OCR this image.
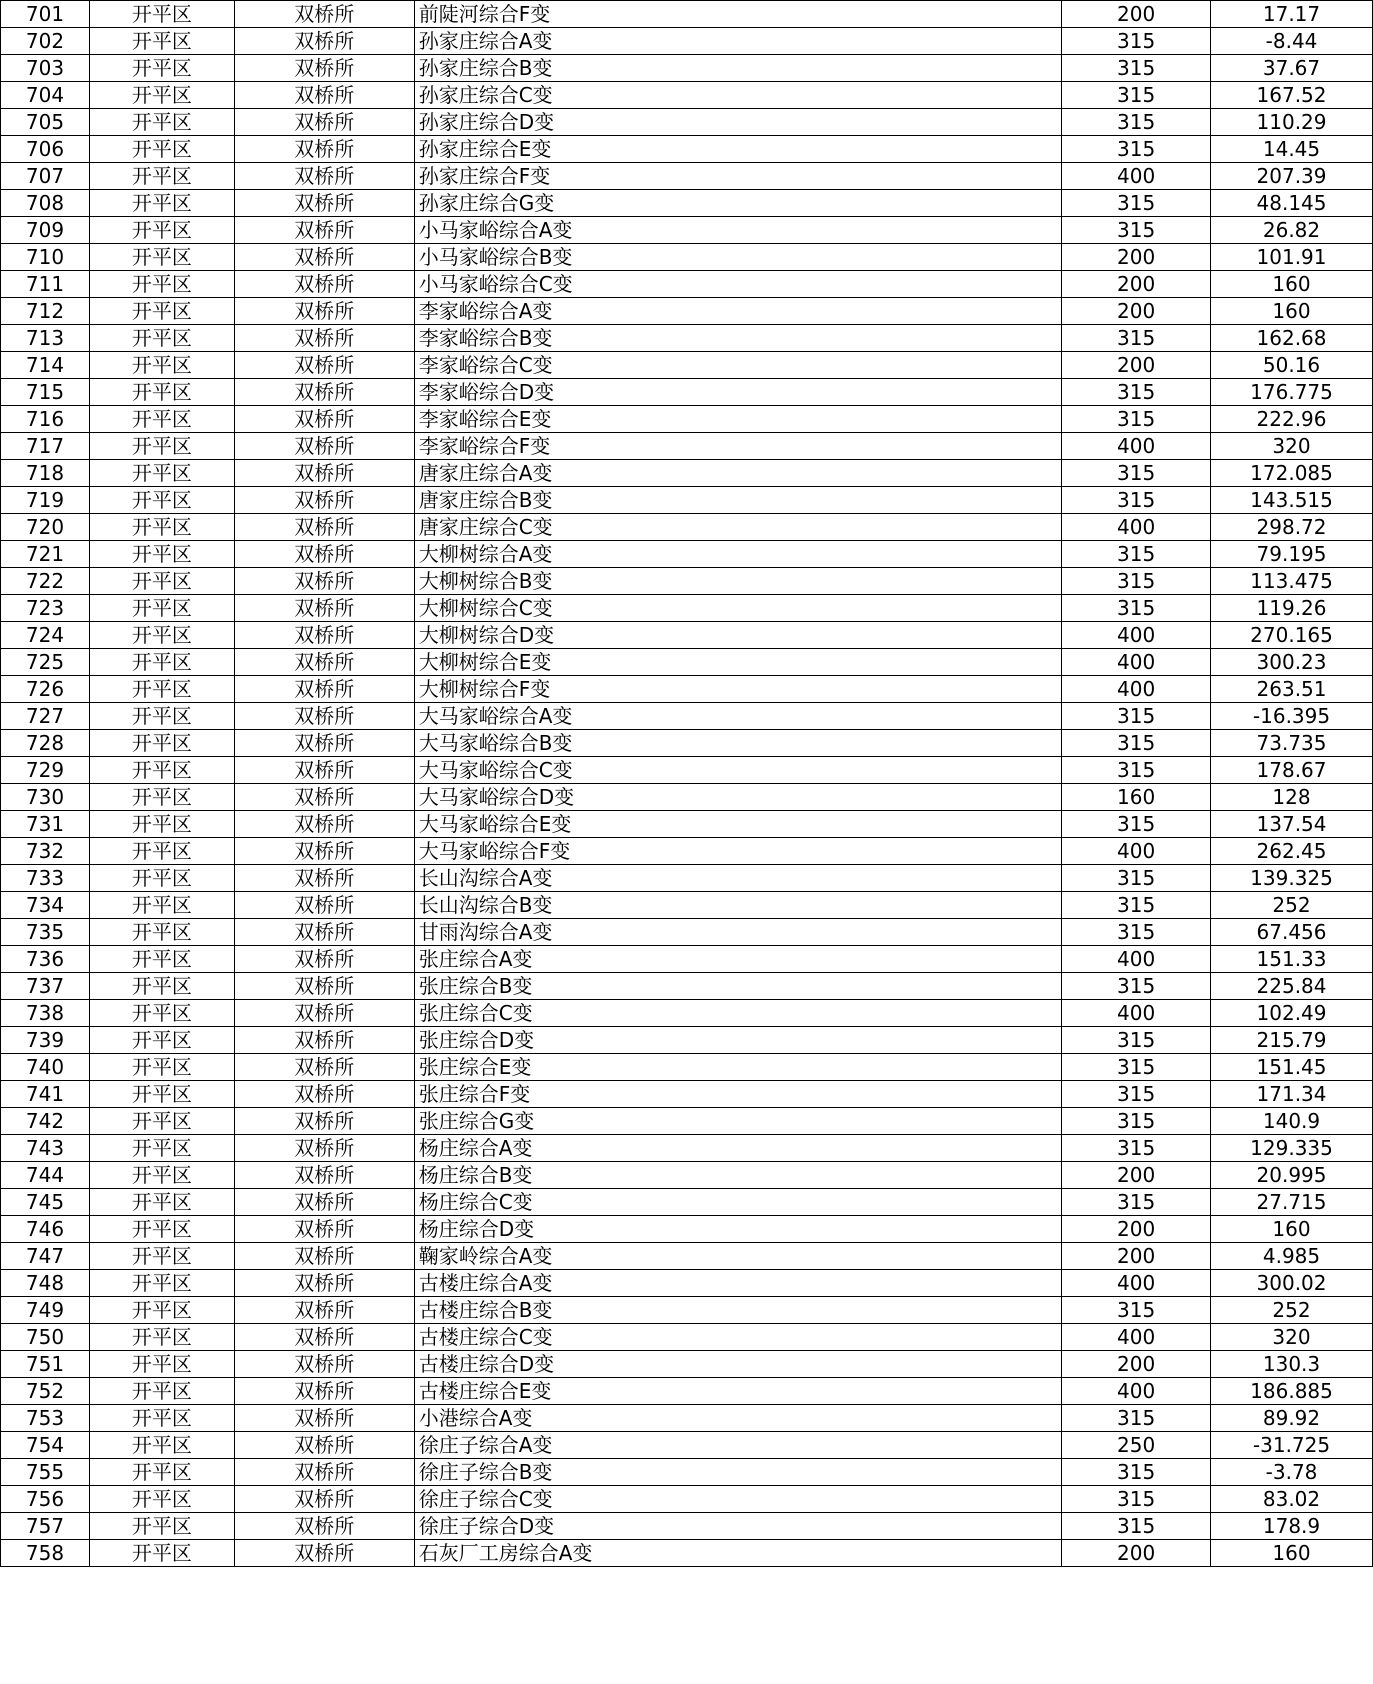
701	开平区	双桥所	前陡河综合F变	200	17.17
702	开平区	双桥所	孙家庄综合A变	315	-8.44
703	开平区	双桥所	孙家庄综合B变	315	37.67
704	开平区	双桥所	孙家庄综合C变	315	167.52
705	开平区	双桥所	孙家庄综合D变	315	110.29
706	开平区	双桥所	孙家庄综合E变	315	14.45
707	开平区	双桥所	孙家庄综合F变	400	207.39
708	开平区	双桥所	孙家庄综合G变	315	48.145
709	开平区	双桥所	小马家峪综合A变	315	26.82
710	开平区	双桥所	小马家峪综合B变	200	101.91
711	开平区	双桥所	小马家峪综合C变	200	160
712	开平区	双桥所	李家峪综合A变	200	160
713	开平区	双桥所	李家峪综合B变	315	162.68
714	开平区	双桥所	李家峪综合C变	200	50.16
715	开平区	双桥所	李家峪综合D变	315	176.775
716	开平区	双桥所	李家峪综合E变	315	222.96
717	开平区	双桥所	李家峪综合F变	400	320
718	开平区	双桥所	唐家庄综合A变	315	172.085
719	开平区	双桥所	唐家庄综合B变	315	143.515
720	开平区	双桥所	唐家庄综合C变	400	298.72
721	开平区	双桥所	大柳树综合A变	315	79.195
722	开平区	双桥所	大柳树综合B变	315	113.475
723	开平区	双桥所	大柳树综合C变	315	119.26
724	开平区	双桥所	大柳树综合D变	400	270.165
725	开平区	双桥所	大柳树综合E变	400	300.23
726	开平区	双桥所	大柳树综合F变	400	263.51
727	开平区	双桥所	大马家峪综合A变	315	-16.395
728	开平区	双桥所	大马家峪综合B变	315	73.735
729	开平区	双桥所	大马家峪综合C变	315	178.67
730	开平区	双桥所	大马家峪综合D变	160	128
731	开平区	双桥所	大马家峪综合E变	315	137.54
732	开平区	双桥所	大马家峪综合F变	400	262.45
733	开平区	双桥所	长山沟综合A变	315	139.325
734	开平区	双桥所	长山沟综合B变	315	252
735	开平区	双桥所	甘雨沟综合A变	315	67.456
736	开平区	双桥所	张庄综合A变	400	151.33
737	开平区	双桥所	张庄综合B变	315	225.84
738	开平区	双桥所	张庄综合C变	400	102.49
739	开平区	双桥所	张庄综合D变	315	215.79
740	开平区	双桥所	张庄综合E变	315	151.45
741	开平区	双桥所	张庄综合F变	315	171.34
742	开平区	双桥所	张庄综合G变	315	140.9
743	开平区	双桥所	杨庄综合A变	315	129.335
744	开平区	双桥所	杨庄综合B变	200	20.995
745	开平区	双桥所	杨庄综合C变	315	27.715
746	开平区	双桥所	杨庄综合D变	200	160
747	开平区	双桥所	鞠家岭综合A变	200	4.985
748	开平区	双桥所	古楼庄综合A变	400	300.02
749	开平区	双桥所	古楼庄综合B变	315	252
750	开平区	双桥所	古楼庄综合C变	400	320
751	开平区	双桥所	古楼庄综合D变	200	130.3
752	开平区	双桥所	古楼庄综合E变	400	186.885
753	开平区	双桥所	小港综合A变	315	89.92
754	开平区	双桥所	徐庄子综合A变	250	-31.725
755	开平区	双桥所	徐庄子综合B变	315	-3.78
756	开平区	双桥所	徐庄子综合C变	315	83.02
757	开平区	双桥所	徐庄子综合D变	315	178.9
758	开平区	双桥所	石灰厂工房综合A变	200	160
